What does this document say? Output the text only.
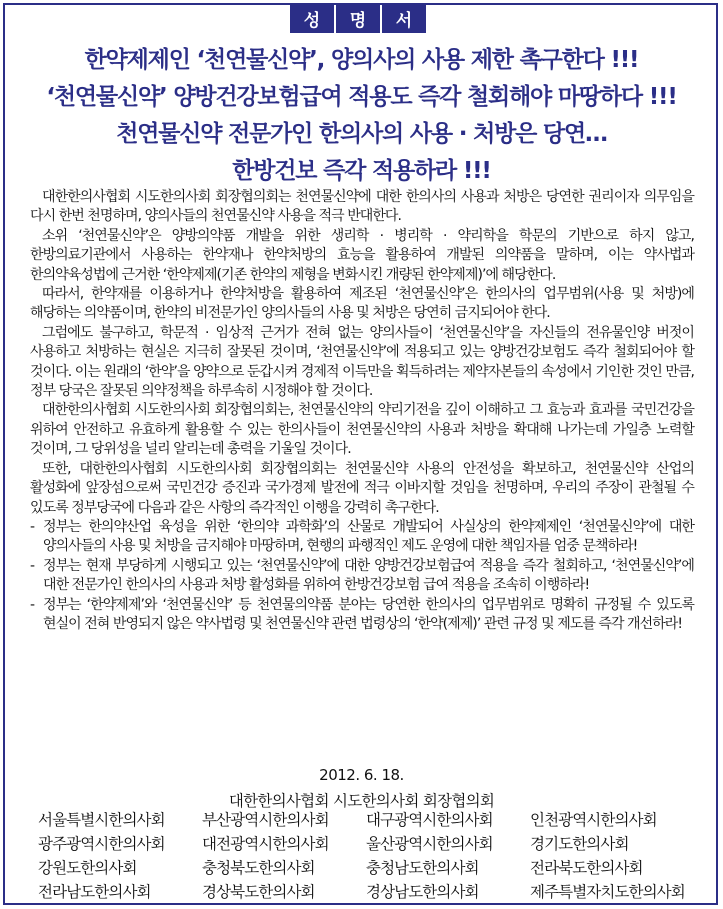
성	명	서
한약제제인 ‘천연물신약’, 양의사의 사용 제한 촉구한다 !!!
‘천연물신약’ 양방건강보험급여 적용도 즉각 철회해야 마땅하다 !!!
천연물신약 전문가인 한의사의 사용 · 처방은 당연…
한방건보 즉각 적용하라 !!!

대한한의사협회 시도한의사회 회장협의회는 천연물신약에 대한 한의사의 사용과 처방은 당연한 권리이자 의무임을 다시 한번 천명하며, 양의사들의 천연물신약 사용을 적극 반대한다.

소위 ‘천연물신약’은 양방의약품 개발을 위한 생리학 · 병리학 · 약리학을 학문의 기반으로 하지 않고, 한방의료기관에서 사용하는 한약재나 한약처방의 효능을 활용하여 개발된 의약품을 말하며, 이는 약사법과 한의약육성법에 근거한 ‘한약제제(기존 한약의 제형을 변화시킨 개량된 한약제제)’에 해당한다.

따라서, 한약재를 이용하거나 한약처방을 활용하여 제조된 ‘천연물신약’은 한의사의 업무범위(사용 및 처방)에 해당하는 의약품이며, 한약의 비전문가인 양의사들의 사용 및 처방은 당연히 금지되어야 한다.

그럼에도 불구하고, 학문적 · 임상적 근거가 전혀 없는 양의사들이 ‘천연물신약’을 자신들의 전유물인양 버젓이 사용하고 처방하는 현실은 지극히 잘못된 것이며, ‘천연물신약’에 적용되고 있는 양방건강보험도 즉각 철회되어야 할 것이다. 이는 원래의 ‘한약’을 양약으로 둔갑시켜 경제적 이득만을 획득하려는 제약자본들의 속성에서 기인한 것인 만큼, 정부 당국은 잘못된 의약정책을 하루속히 시정해야 할 것이다.

대한한의사협회 시도한의사회 회장협의회는, 천연물신약의 약리기전을 깊이 이해하고 그 효능과 효과를 국민건강을 위하여 안전하고 유효하게 활용할 수 있는 한의사들이 천연물신약의 사용과 처방을 확대해 나가는데 가일층 노력할 것이며, 그 당위성을 널리 알리는데 총력을 기울일 것이다.

또한, 대한한의사협회 시도한의사회 회장협의회는 천연물신약 사용의 안전성을 확보하고, 천연물신약 산업의 활성화에 앞장섬으로써 국민건강 증진과 국가경제 발전에 적극 이바지할 것임을 천명하며, 우리의 주장이 관철될 수 있도록 정부당국에 다음과 같은 사항의 즉각적인 이행을 강력히 촉구한다.

- 정부는 한의약산업 육성을 위한 ‘한의약 과학화’의 산물로 개발되어 사실상의 한약제제인 ‘천연물신약’에 대한 양의사들의 사용 및 처방을 금지해야 마땅하며, 현행의 파행적인 제도 운영에 대한 책임자를 엄중 문책하라!

- 정부는 현재 부당하게 시행되고 있는 ‘천연물신약’에 대한 양방건강보험급여 적용을 즉각 철회하고, ‘천연물신약’에 대한 전문가인 한의사의 사용과 처방 활성화를 위하여 한방건강보험 급여 적용을 조속히 이행하라!

- 정부는 ‘한약제제’와 ‘천연물신약’ 등 천연물의약품 분야는 당연한 한의사의 업무범위로 명확히 규정될 수 있도록 현실이 전혀 반영되지 않은 약사법령 및 천연물신약 관련 법령상의 ‘한약(제제)’ 관련 규정 및 제도를 즉각 개선하라!

2012. 6. 18.
대한한의사협회 시도한의사회 회장협의회
서울특별시한의사회	부산광역시한의사회	대구광역시한의사회	인천광역시한의사회
광주광역시한의사회	대전광역시한의사회	울산광역시한의사회	경기도한의사회
강원도한의사회	충청북도한의사회	충청남도한의사회	전라북도한의사회
전라남도한의사회	경상북도한의사회	경상남도한의사회	제주특별자치도한의사회
